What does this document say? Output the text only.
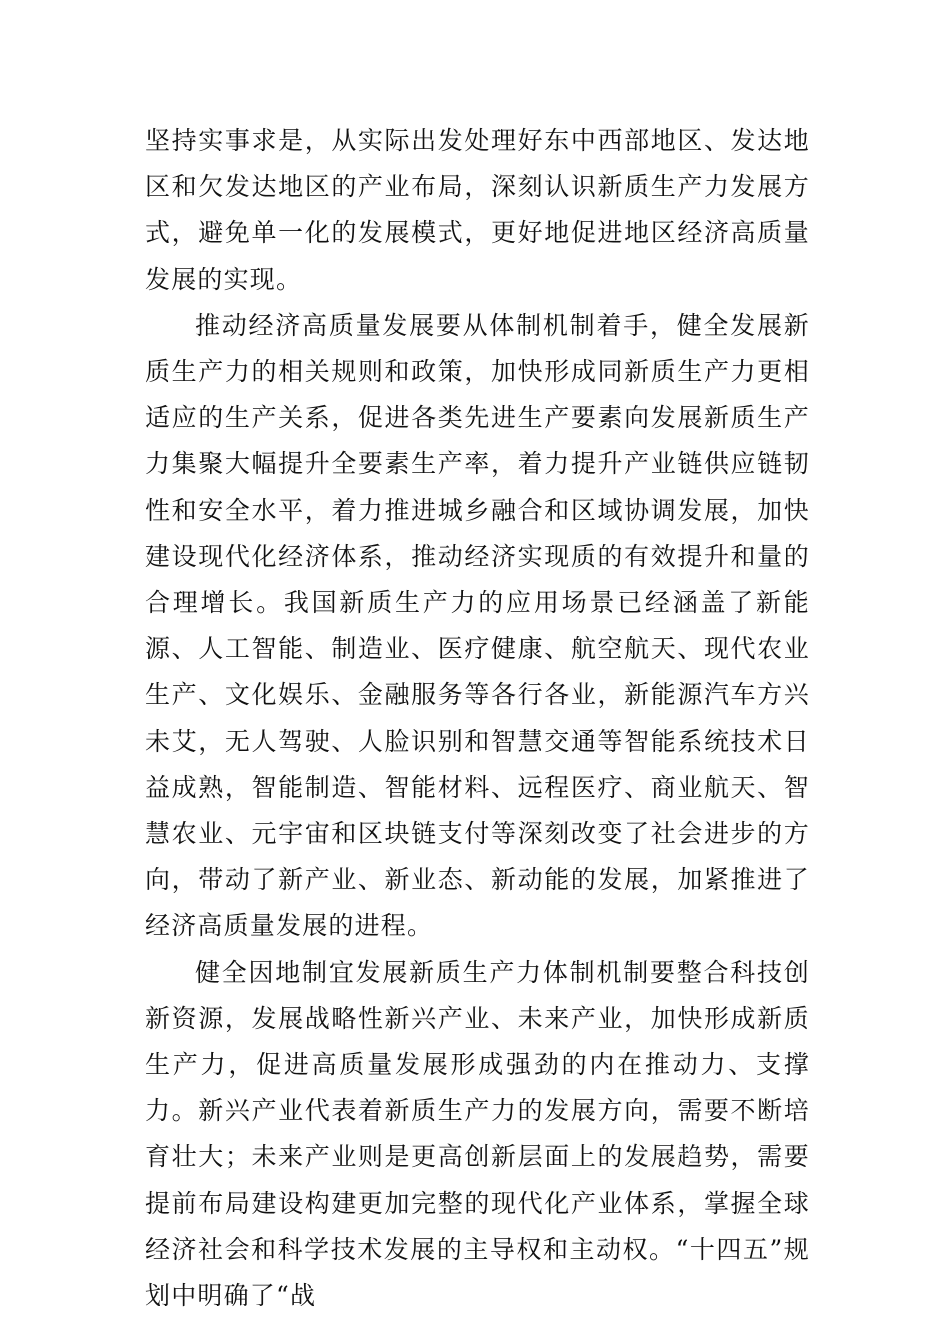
坚持实事求是，从实际出发处理好东中西部地区、发达地区和欠发达地区的产业布局，深刻认识新质生产力发展方式，避免单一化的发展模式，更好地促进地区经济高质量发展的实现。

推动经济高质量发展要从体制机制着手，健全发展新质生产力的相关规则和政策，加快形成同新质生产力更相适应的生产关系，促进各类先进生产要素向发展新质生产力集聚大幅提升全要素生产率，着力提升产业链供应链韧性和安全水平，着力推进城乡融合和区域协调发展，加快建设现代化经济体系，推动经济实现质的有效提升和量的合理增长。我国新质生产力的应用场景已经涵盖了新能源、人工智能、制造业、医疗健康、航空航天、现代农业生产、文化娱乐、金融服务等各行各业，新能源汽车方兴未艾，无人驾驶、人脸识别和智慧交通等智能系统技术日益成熟，智能制造、智能材料、远程医疗、商业航天、智慧农业、元宇宙和区块链支付等深刻改变了社会进步的方向，带动了新产业、新业态、新动能的发展，加紧推进了经济高质量发展的进程。

健全因地制宜发展新质生产力体制机制要整合科技创新资源，发展战略性新兴产业、未来产业，加快形成新质生产力，促进高质量发展形成强劲的内在推动力、支撑力。新兴产业代表着新质生产力的发展方向，需要不断培育壮大；未来产业则是更高创新层面上的发展趋势，需要提前布局建设构建更加完整的现代化产业体系，掌握全球经济社会和科学技术发展的主导权和主动权。“十四五”规划中明确了“战
